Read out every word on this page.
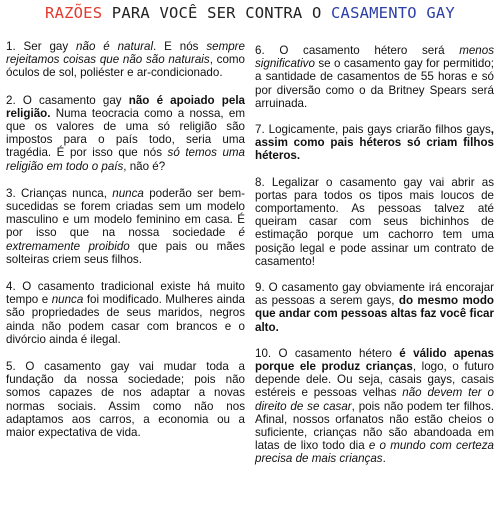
RAZÕES PARA VOCÊ SER CONTRA O CASAMENTO GAY

1. Ser gay não é natural. E nós sempre rejeitamos coisas que não são naturais, como óculos de sol, poliéster e ar-condicionado.

2. O casamento gay não é apoiado pela religião. Numa teocracia como a nossa, em que os valores de uma só religião são impostos para o país todo, seria uma tragédia. É por isso que nós só temos uma religião em todo o país, não é?

3. Crianças nunca, nunca poderão ser bem-sucedidas se forem criadas sem um modelo masculino e um modelo feminino em casa. É por isso que na nossa sociedade é extremamente proibido que pais ou mães solteiras criem seus filhos.

4. O casamento tradicional existe há muito tempo e nunca foi modificado. Mulheres ainda são propriedades de seus maridos, negros ainda não podem casar com brancos e o divórcio ainda é ilegal.

5. O casamento gay vai mudar toda a fundação da nossa sociedade; pois não somos capazes de nos adaptar a novas normas sociais. Assim como não nos adaptamos aos carros, a economia ou a maior expectativa de vida.

6. O casamento hétero será menos significativo se o casamento gay for permitido; a santidade de casamentos de 55 horas e só por diversão como o da Britney Spears será arruinada.

7. Logicamente, pais gays criarão filhos gays, assim como pais héteros só criam filhos héteros.

8. Legalizar o casamento gay vai abrir as portas para todos os tipos mais loucos de comportamento. As pessoas talvez até queiram casar com seus bichinhos de estimação porque um cachorro tem uma posição legal e pode assinar um contrato de casamento!

9. O casamento gay obviamente irá encorajar as pessoas a serem gays, do mesmo modo que andar com pessoas altas faz você ficar alto.

10. O casamento hétero é válido apenas porque ele produz crianças, logo, o futuro depende dele. Ou seja, casais gays, casais estéreis e pessoas velhas não devem ter o direito de se casar, pois não podem ter filhos. Afinal, nossos orfanatos não estão cheios o suficiente, crianças não são abandoada em latas de lixo todo dia e o mundo com certeza precisa de mais crianças.
